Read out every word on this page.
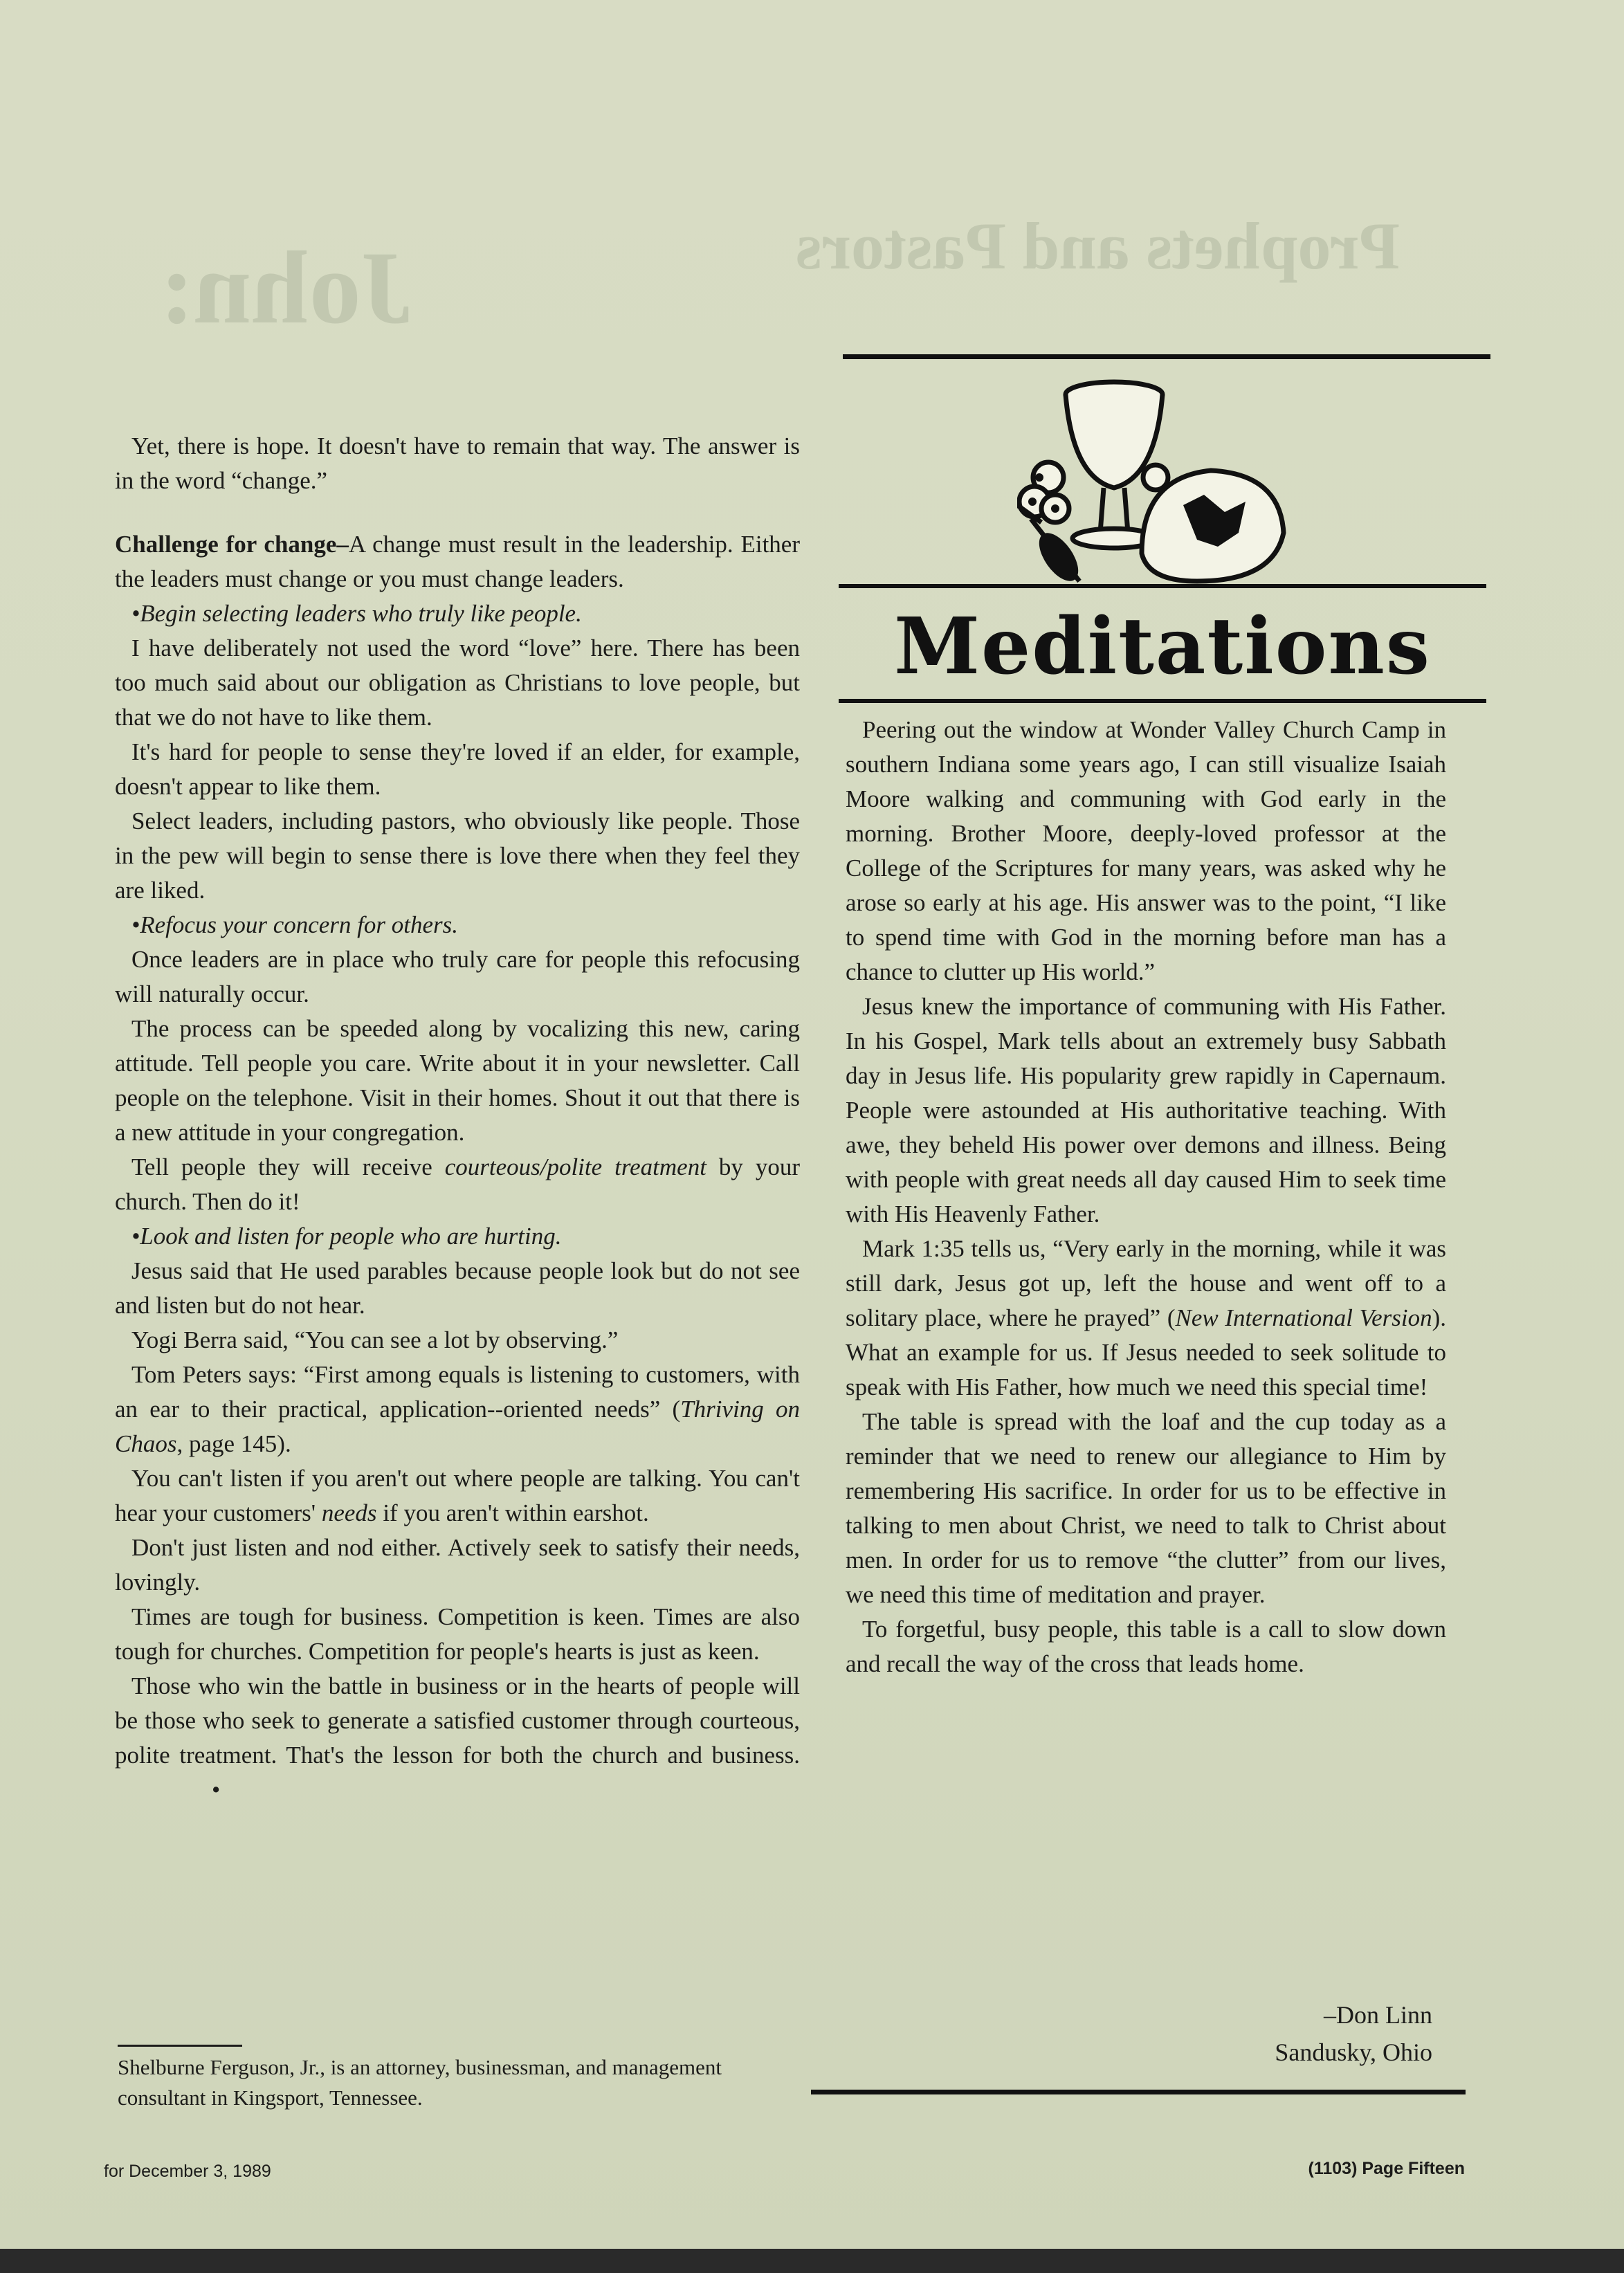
John:	Prophets and Pastors

Yet, there is hope. It doesn't have to remain that way. The answer is in the word “change.”

Challenge for change–A change must result in the leadership. Either the leaders must change or you must change leaders.

•Begin selecting leaders who truly like people.

I have deliberately not used the word “love” here. There has been too much said about our obligation as Christians to love people, but that we do not have to like them.

It's hard for people to sense they're loved if an elder, for example, doesn't appear to like them.

Select leaders, including pastors, who obviously like people. Those in the pew will begin to sense there is love there when they feel they are liked.

•Refocus your concern for others.

Once leaders are in place who truly care for people this refocusing will naturally occur.

The process can be speeded along by vocalizing this new, caring attitude. Tell people you care. Write about it in your newsletter. Call people on the telephone. Visit in their homes. Shout it out that there is a new attitude in your congregation.

Tell people they will receive courteous/polite treatment by your church. Then do it!

•Look and listen for people who are hurting.

Jesus said that He used parables because people look but do not see and listen but do not hear.

Yogi Berra said, “You can see a lot by observing.”

Tom Peters says: “First among equals is listening to customers, with an ear to their practical, application--oriented needs” (Thriving on Chaos, page 145).

You can't listen if you aren't out where people are talking. You can't hear your customers' needs if you aren't within earshot.

Don't just listen and nod either. Actively seek to satisfy their needs, lovingly.

Times are tough for business. Competition is keen. Times are also tough for churches. Competition for people's hearts is just as keen.

Those who win the battle in business or in the hearts of people will be those who seek to generate a satisfied customer through courteous, polite treatment. That's the lesson for both the church and business. •

Shelburne Ferguson, Jr., is an attorney, businessman, and management consultant in Kingsport, Tennessee.
Meditations

Peering out the window at Wonder Valley Church Camp in southern Indiana some years ago, I can still visualize Isaiah Moore walking and communing with God early in the morning. Brother Moore, deeply-loved professor at the College of the Scriptures for many years, was asked why he arose so early at his age. His answer was to the point, “I like to spend time with God in the morning before man has a chance to clutter up His world.”

Jesus knew the importance of communing with His Father. In his Gospel, Mark tells about an extremely busy Sabbath day in Jesus life. His popularity grew rapidly in Capernaum. People were astounded at His authoritative teaching. With awe, they beheld His power over demons and illness. Being with people with great needs all day caused Him to seek time with His Heavenly Father.

Mark 1:35 tells us, “Very early in the morning, while it was still dark, Jesus got up, left the house and went off to a solitary place, where he prayed” (New International Version). What an example for us. If Jesus needed to seek solitude to speak with His Father, how much we need this special time!

The table is spread with the loaf and the cup today as a reminder that we need to renew our allegiance to Him by remembering His sacrifice. In order for us to be effective in talking to men about Christ, we need to talk to Christ about men. In order for us to remove “the clutter” from our lives, we need this time of meditation and prayer.

To forgetful, busy people, this table is a call to slow down and recall the way of the cross that leads home.

–Don Linn
Sandusky, Ohio
for December 3, 1989	(1103) Page Fifteen
